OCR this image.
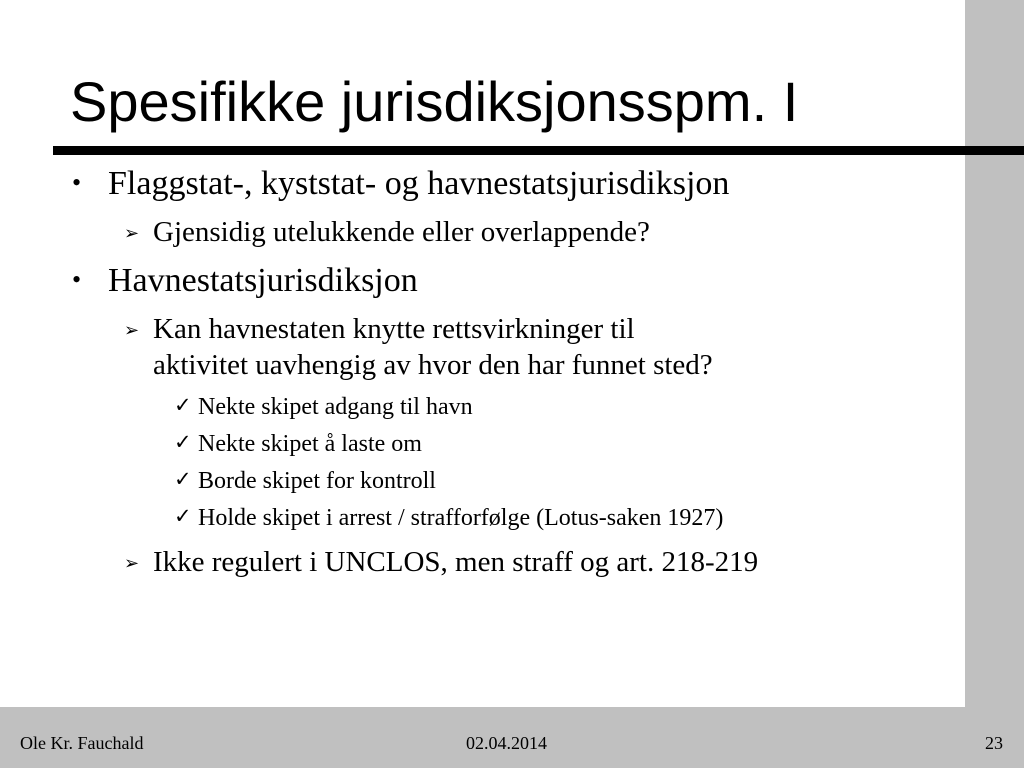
Spesifikke jurisdiksjonsspm. I
• Flaggstat-, kyststat- og havnestatsjurisdiksjon
➢ Gjensidig utelukkende eller overlappende?
• Havnestatsjurisdiksjon
➢ Kan havnestaten knytte rettsvirkninger til
aktivitet uavhengig av hvor den har funnet sted?
✓ Nekte skipet adgang til havn
✓ Nekte skipet å laste om
✓ Borde skipet for kontroll
✓ Holde skipet i arrest / strafforfølge (Lotus-saken 1927)
➢ Ikke regulert i UNCLOS, men straff og art. 218-219
Ole Kr. Fauchald	02.04.2014	23
